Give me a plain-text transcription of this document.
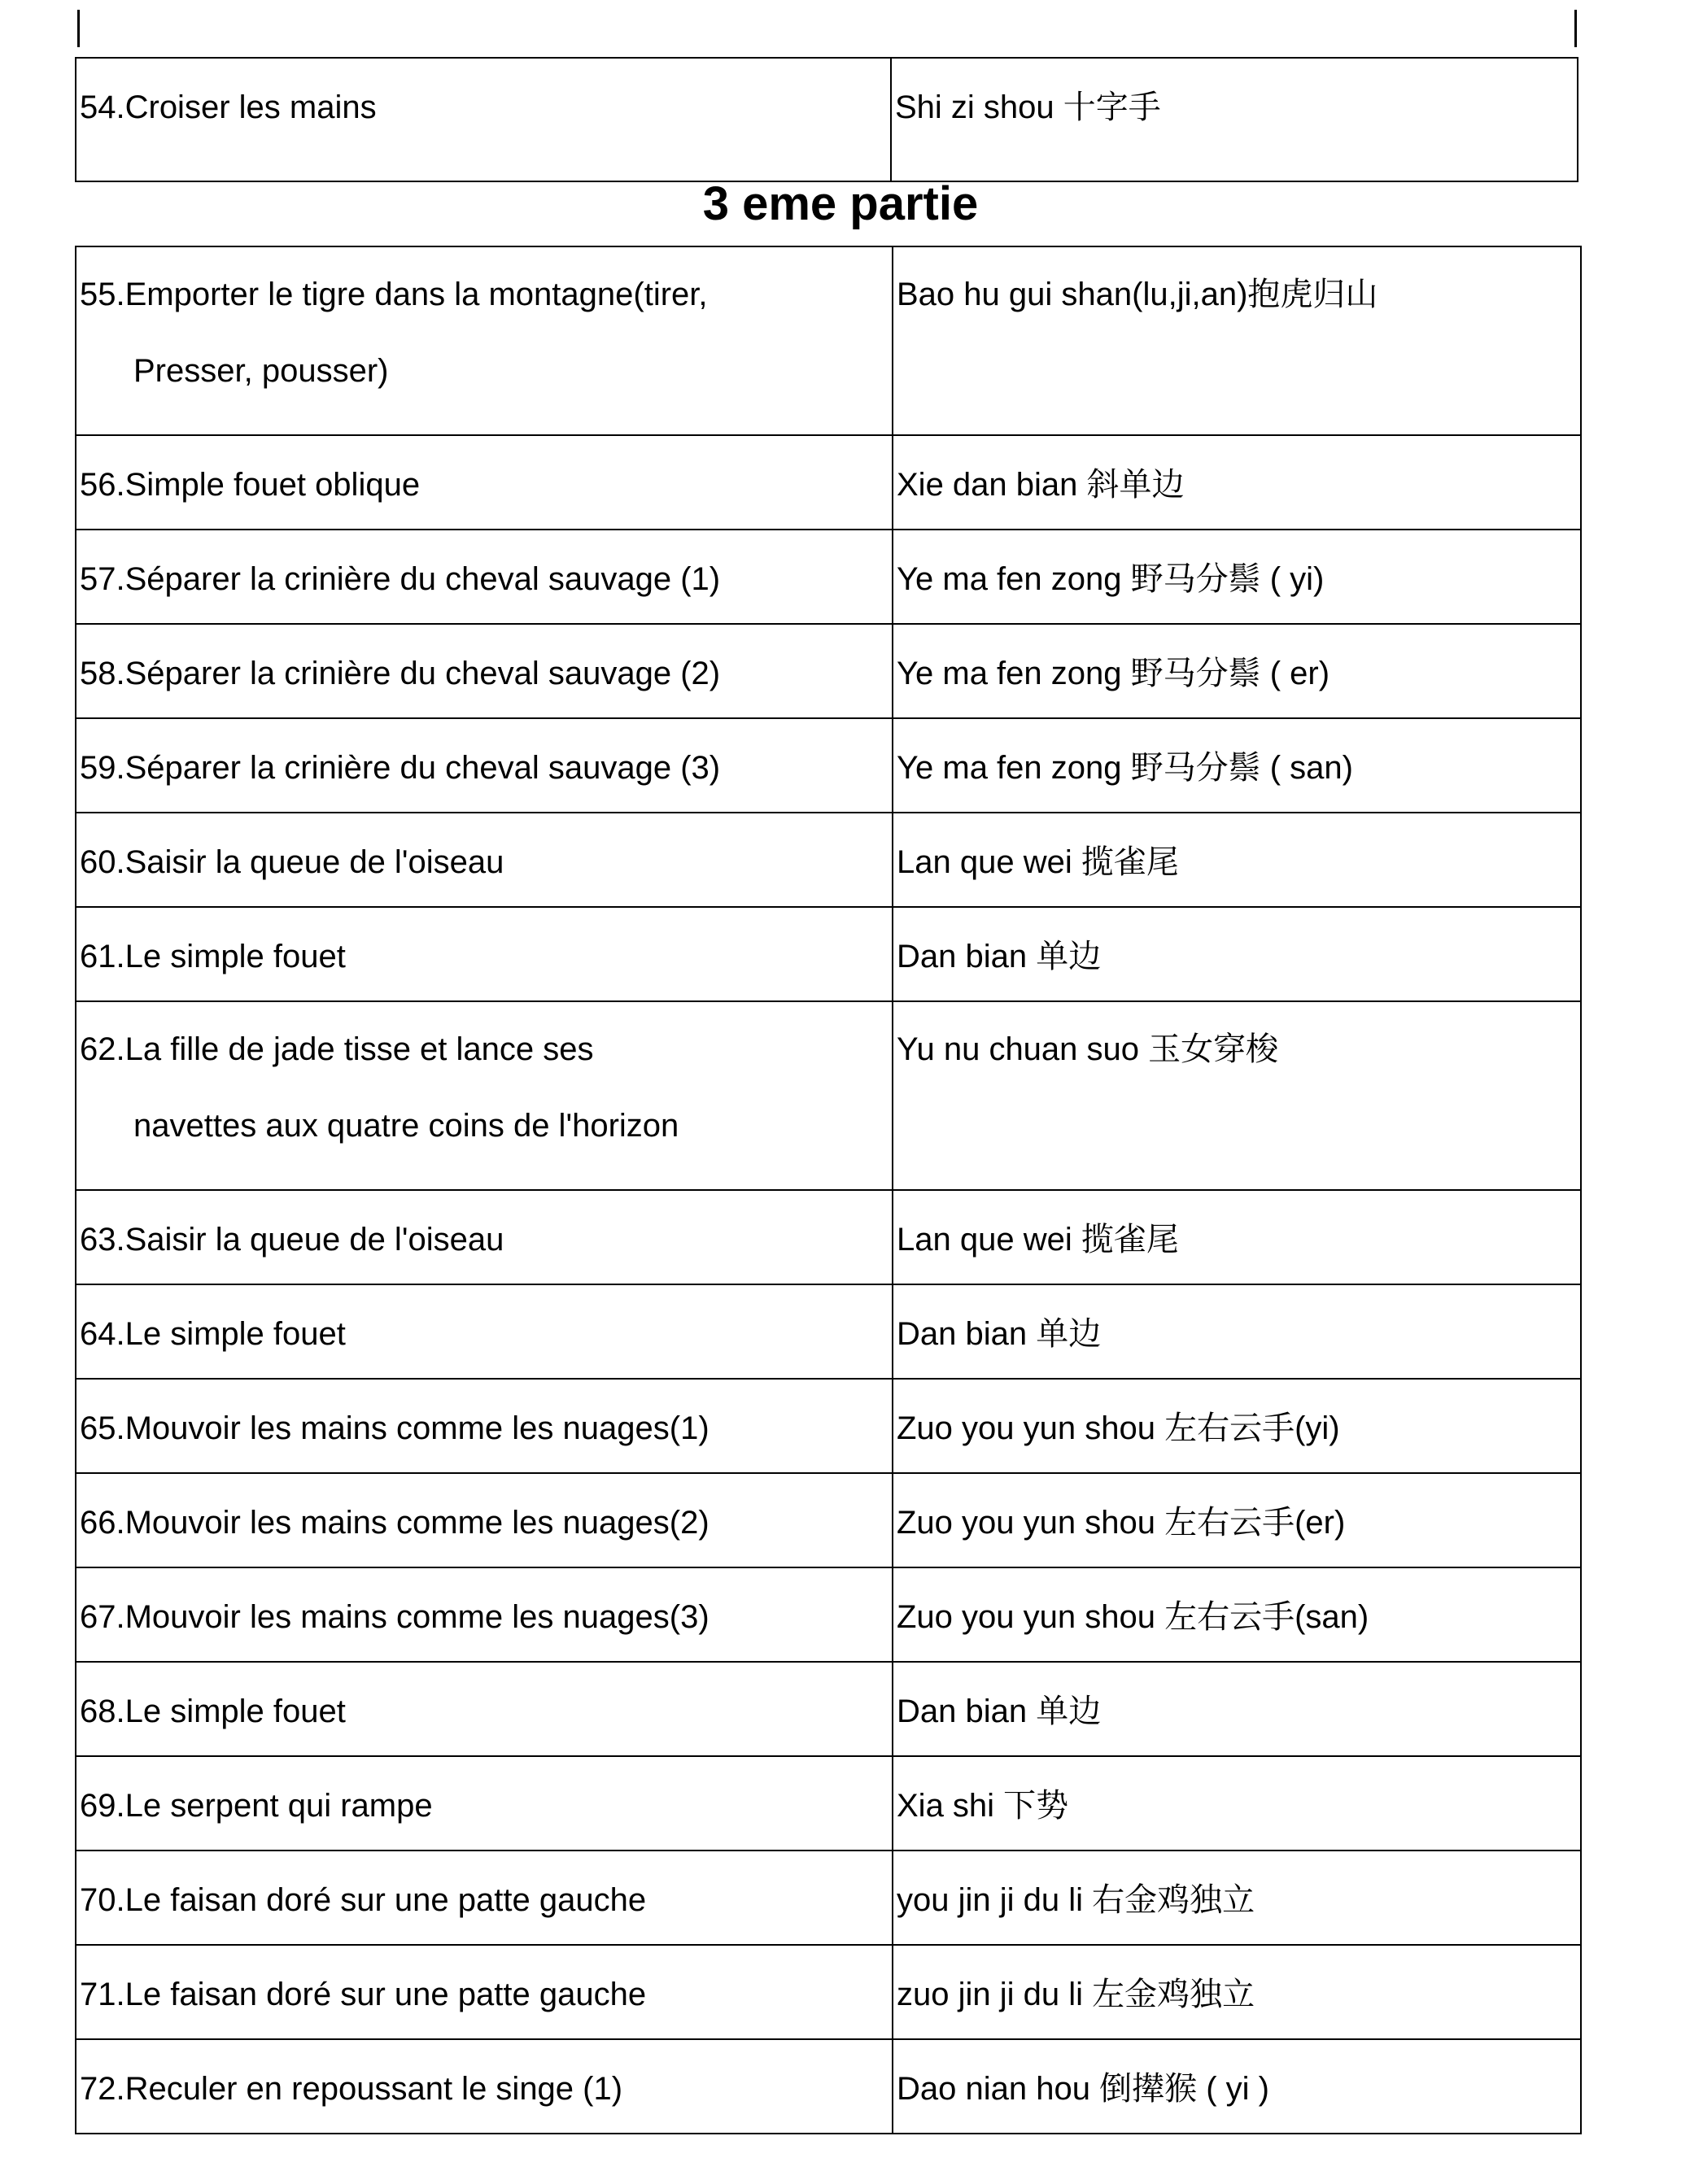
54.Croiser les mains	Shi zi shou 十字手
3 eme partie
55.Emporter le tigre dans la montagne(tirer,
Presser, pousser)	Bao hu gui shan(lu,ji,an)抱虎归山
56.Simple fouet oblique	Xie dan bian 斜单边
57.Séparer la crinière du cheval sauvage (1)	Ye ma fen zong 野马分鬃 ( yi)
58.Séparer la crinière du cheval sauvage (2)	Ye ma fen zong 野马分鬃 ( er)
59.Séparer la crinière du cheval sauvage (3)	Ye ma fen zong 野马分鬃 ( san)
60.Saisir la queue de l'oiseau	Lan que wei 揽雀尾
61.Le simple fouet	Dan bian 单边
62.La fille de jade tisse et lance ses
navettes aux quatre coins de l'horizon	Yu nu chuan suo 玉女穿梭
63.Saisir la queue de l'oiseau	Lan que wei 揽雀尾
64.Le simple fouet	Dan bian 单边
65.Mouvoir les mains comme les nuages(1)	Zuo you yun shou 左右云手(yi)
66.Mouvoir les mains comme les nuages(2)	Zuo you yun shou 左右云手(er)
67.Mouvoir les mains comme les nuages(3)	Zuo you yun shou 左右云手(san)
68.Le simple fouet	Dan bian 单边
69.Le serpent qui rampe	Xia shi 下势
70.Le faisan doré sur une patte gauche	you jin ji du li 右金鸡独立
71.Le faisan doré sur une patte gauche	zuo jin ji du li 左金鸡独立
72.Reculer en repoussant le singe (1)	Dao nian hou 倒撵猴 ( yi )
